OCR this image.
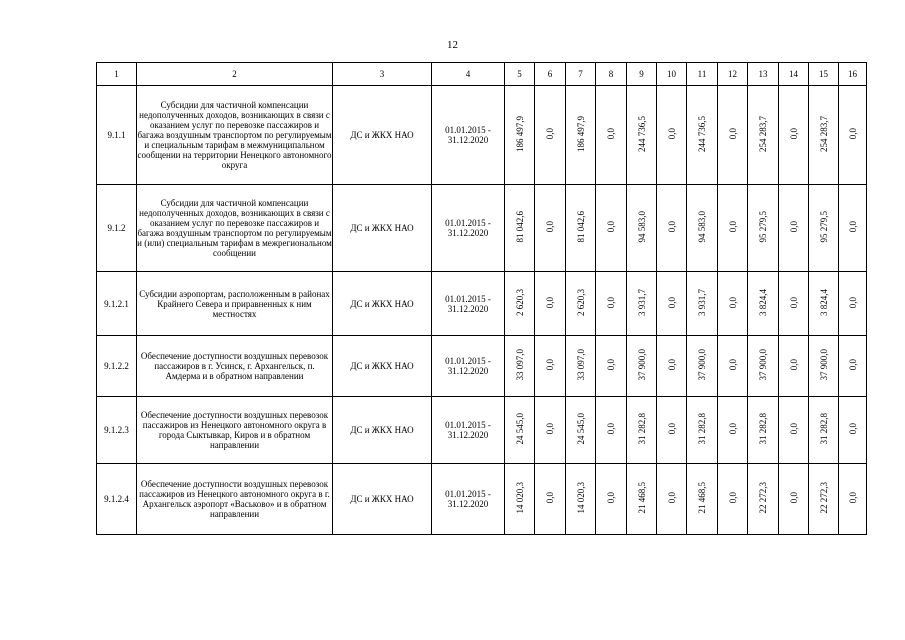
12
1	2	3	4	5	6	7	8	9	10	11	12	13	14	15	16
9.1.1	Субсидии для частичной компенсации недополученных доходов, возникающих в связи с оказанием услуг по перевозке пассажиров и багажа воздушным транспортом по регулируемым и специальным тарифам в межмуниципальном сообщении на территории Ненецкого автономного округа	ДС и ЖКХ НАО	01.01.2015 - 31.12.2020	186 497,9	0,0	186 497,9	0,0	244 736,5	0,0	244 736,5	0,0	254 283,7	0,0	254 283,7	0,0
9.1.2	Субсидии для частичной компенсации недополученных доходов, возникающих в связи с оказанием услуг по перевозке пассажиров и багажа воздушным транспортом по регулируемым и (или) специальным тарифам в межрегиональном сообщении	ДС и ЖКХ НАО	01.01.2015 - 31.12.2020	81 042,6	0,0	81 042,6	0,0	94 583,0	0,0	94 583,0	0,0	95 279,5	0,0	95 279,5	0,0
9.1.2.1	Субсидии аэропортам, расположенным в районах Крайнего Севера и приравненных к ним местностях	ДС и ЖКХ НАО	01.01.2015 - 31.12.2020	2 620,3	0,0	2 620,3	0,0	3 931,7	0,0	3 931,7	0,0	3 824,4	0,0	3 824,4	0,0
9.1.2.2	Обеспечение доступности воздушных перевозок пассажиров в г. Усинск, г. Архангельск, п. Амдерма и в обратном направлении	ДС и ЖКХ НАО	01.01.2015 - 31.12.2020	33 097,0	0,0	33 097,0	0,0	37 900,0	0,0	37 900,0	0,0	37 900,0	0,0	37 900,0	0,0
9.1.2.3	Обеспечение доступности воздушных перевозок пассажиров из Ненецкого автономного округа в города Сыктывкар, Киров и в обратном направлении	ДС и ЖКХ НАО	01.01.2015 - 31.12.2020	24 545,0	0,0	24 545,0	0,0	31 282,8	0,0	31 282,8	0,0	31 282,8	0,0	31 282,8	0,0
9.1.2.4	Обеспечение доступности воздушных перевозок пассажиров из Ненецкого автономного округа в г. Архангельск аэропорт «Васьково» и в обратном направлении	ДС и ЖКХ НАО	01.01.2015 - 31.12.2020	14 020,3	0,0	14 020,3	0,0	21 468,5	0,0	21 468,5	0,0	22 272,3	0,0	22 272,3	0,0
